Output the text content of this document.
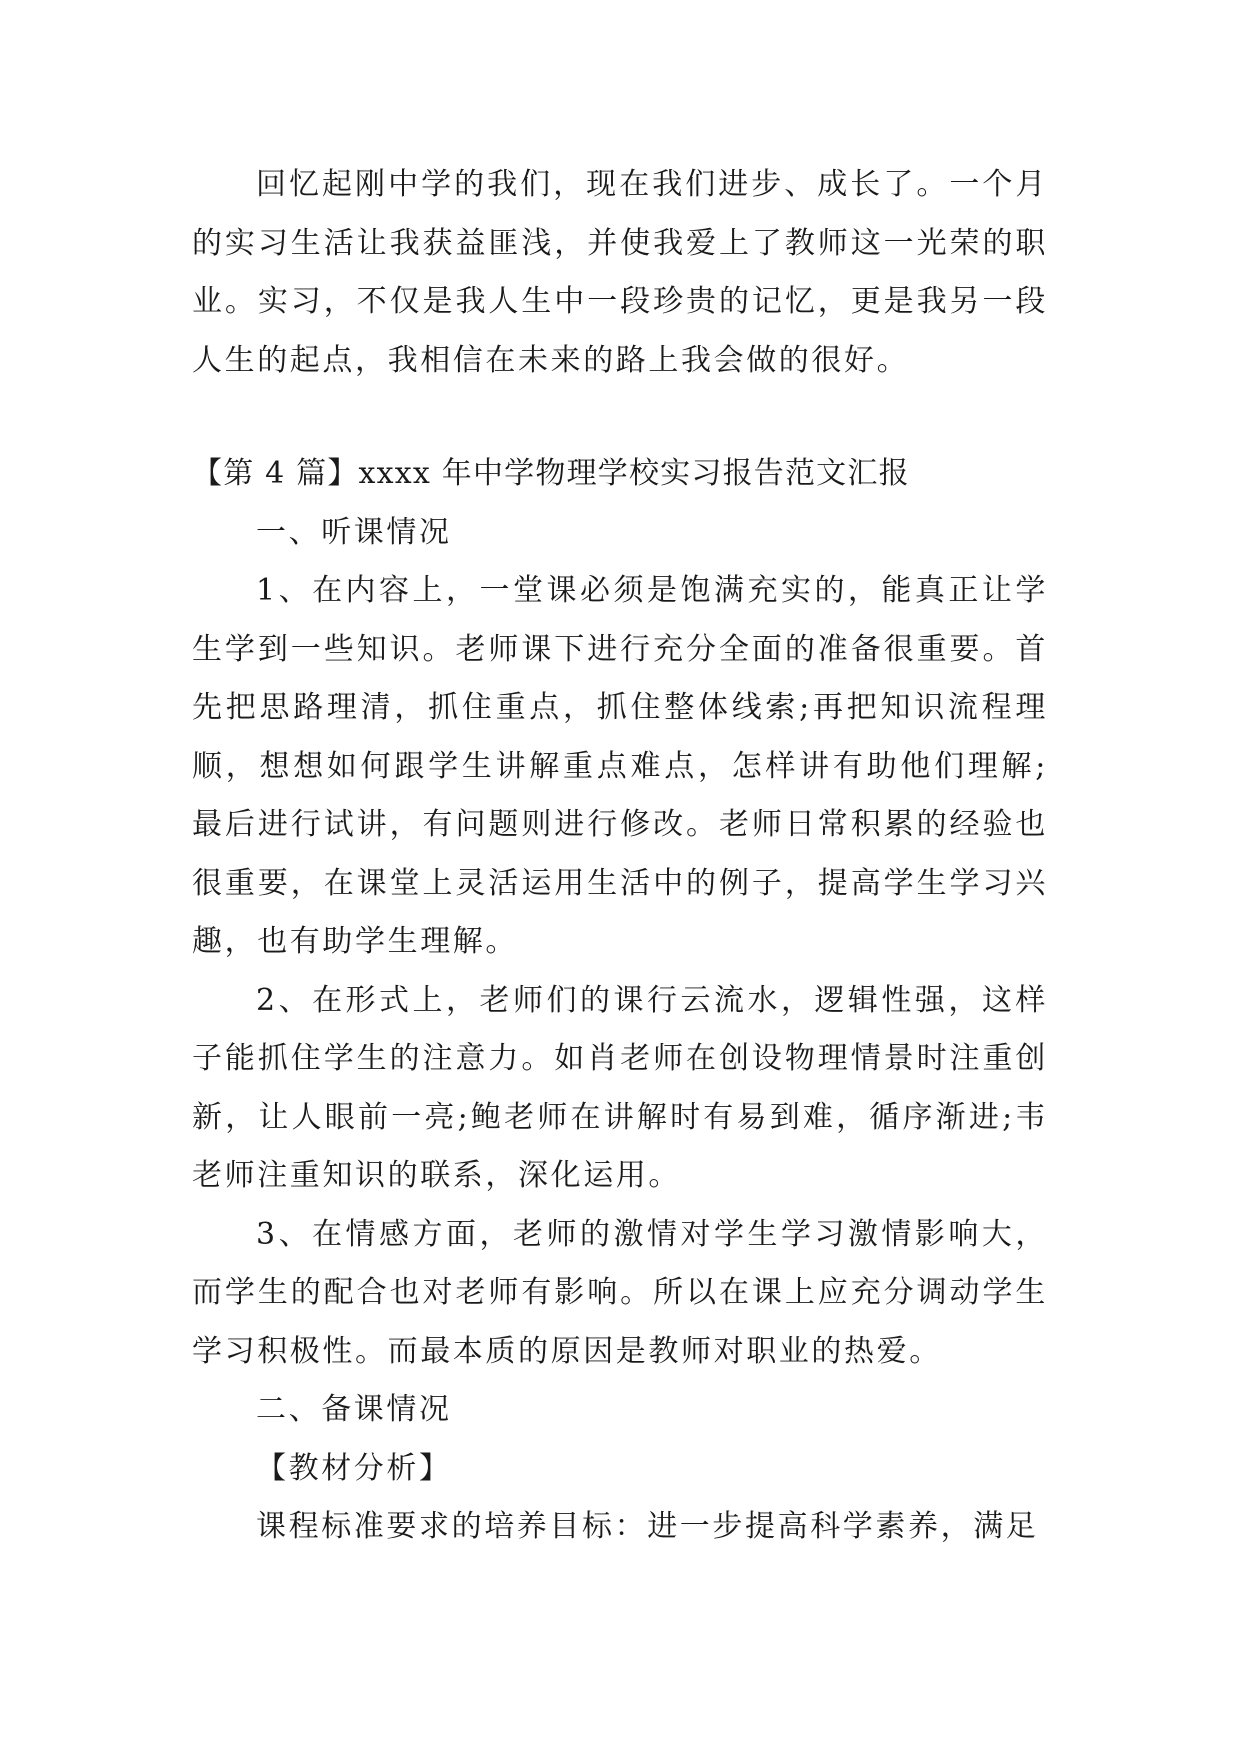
回忆起刚中学的我们，现在我们进步、成长了。一个月的实习生活让我获益匪浅，并使我爱上了教师这一光荣的职业。实习，不仅是我人生中一段珍贵的记忆，更是我另一段人生的起点，我相信在未来的路上我会做的很好。

【第 4 篇】xxxx 年中学物理学校实习报告范文汇报

一、听课情况

1、在内容上，一堂课必须是饱满充实的，能真正让学生学到一些知识。老师课下进行充分全面的准备很重要。首先把思路理清，抓住重点，抓住整体线索;再把知识流程理顺，想想如何跟学生讲解重点难点，怎样讲有助他们理解;最后进行试讲，有问题则进行修改。老师日常积累的经验也很重要，在课堂上灵活运用生活中的例子，提高学生学习兴趣，也有助学生理解。

2、在形式上，老师们的课行云流水，逻辑性强，这样子能抓住学生的注意力。如肖老师在创设物理情景时注重创新，让人眼前一亮;鲍老师在讲解时有易到难，循序渐进;韦老师注重知识的联系，深化运用。

3、在情感方面，老师的激情对学生学习激情影响大，而学生的配合也对老师有影响。所以在课上应充分调动学生学习积极性。而最本质的原因是教师对职业的热爱。

二、备课情况

【教材分析】

课程标准要求的培养目标：进一步提高科学素养，满足
